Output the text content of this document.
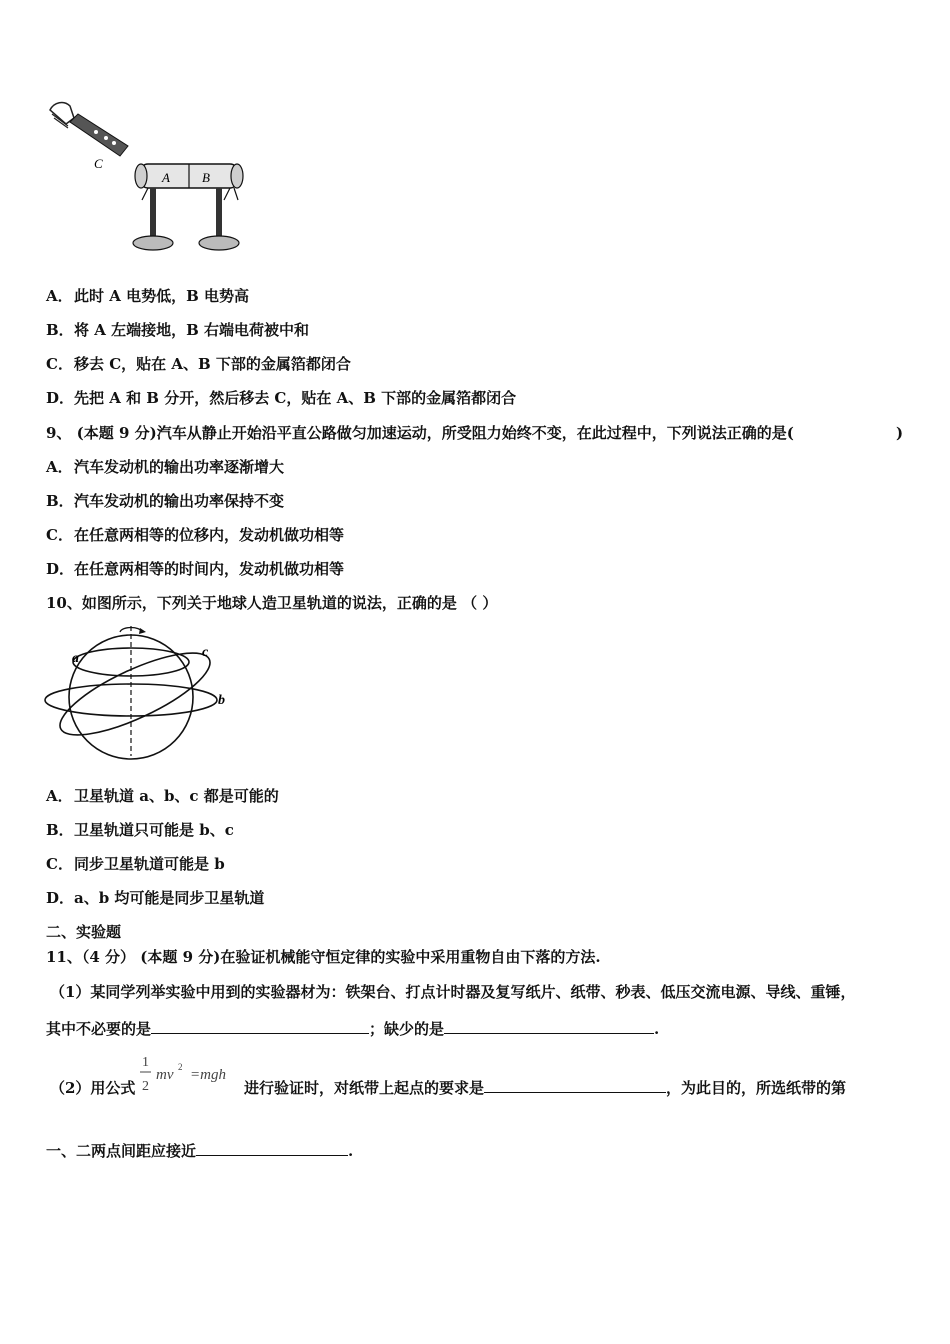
C
A B
A．此时 A 电势低，B 电势高
B．将 A 左端接地，B 右端电荷被中和
C．移去 C，贴在 A、B 下部的金属箔都闭合
D．先把 A 和 B 分开，然后移去 C，贴在 A、B 下部的金属箔都闭合
9、 (本题 9 分)汽车从静止开始沿平直公路做匀加速运动，所受阻力始终不变，在此过程中，下列说法正确的是(	)
A．汽车发动机的输出功率逐渐增大
B．汽车发动机的输出功率保持不变
C．在任意两相等的位移内，发动机做功相等
D．在任意两相等的时间内，发动机做功相等
10、如图所示，下列关于地球人造卫星轨道的说法，正确的是 （ ）
a	c
b
A．卫星轨道 a、b、c 都是可能的
B．卫星轨道只可能是 b、c
C．同步卫星轨道可能是 b
D．a、b 均可能是同步卫星轨道
二、实验题
11、（4 分） (本题 9 分)在验证机械能守恒定律的实验中采用重物自由下落的方法.
（1）某同学列举实验中用到的实验器材为：铁架台、打点计时器及复写纸片、纸带、秒表、低压交流电源、导线、重锤，
其中不必要的是	；缺少的是	.
（2）用公式
1
2
mv 2 =mgh
进行验证时，对纸带上起点的要求是	，为此目的，所选纸带的第
一、二两点间距应接近	.
